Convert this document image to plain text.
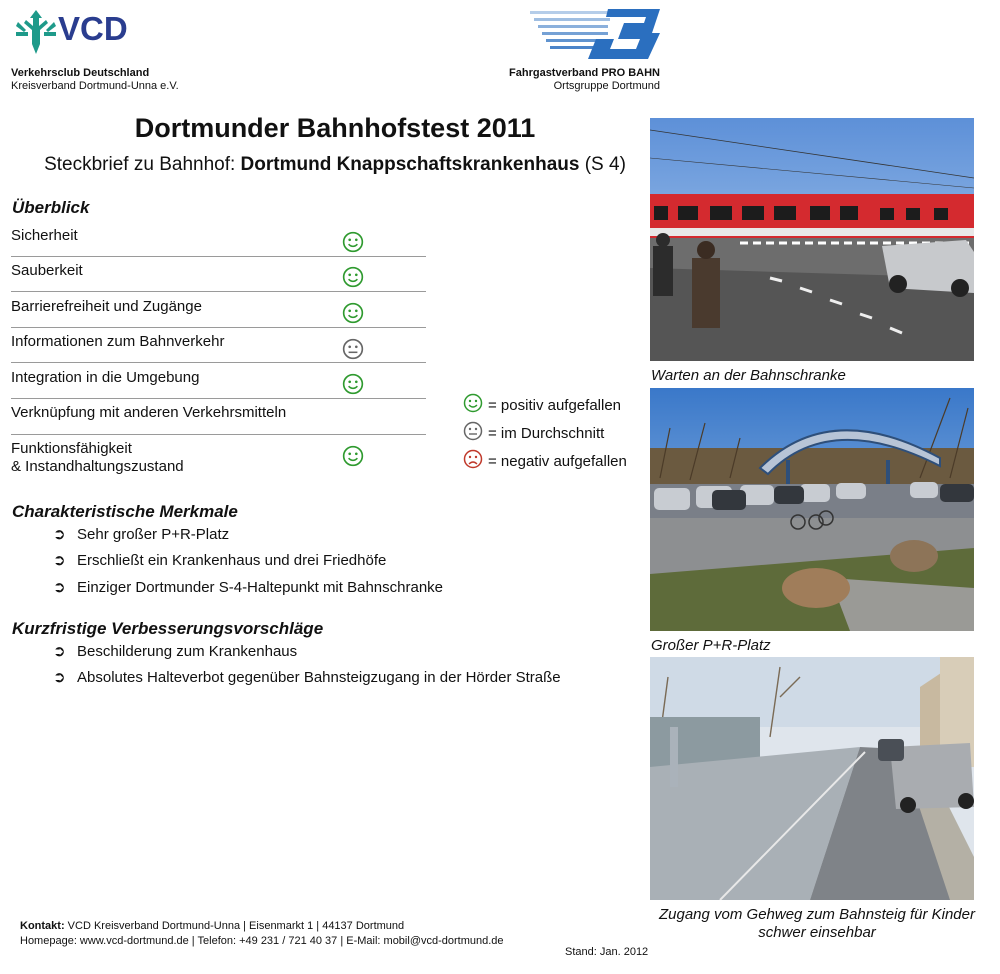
VCD
Verkehrsclub Deutschland
Kreisverband Dortmund-Unna e.V.
Fahrgastverband PRO BAHN
Ortsgruppe Dortmund
Dortmunder Bahnhofstest 2011
Steckbrief zu Bahnhof: Dortmund Knappschaftskrankenhaus (S 4)
Überblick
Sicherheit
Sauberkeit
Barrierefreiheit und Zugänge
Informationen zum Bahnverkehr
Integration in die Umgebung
Verknüpfung mit anderen Verkehrsmitteln
Funktionsfähigkeit
& Instandhaltungszustand
= positiv aufgefallen
= im Durchschnitt
= negativ aufgefallen
Charakteristische Merkmale
➲ Sehr großer P+R-Platz
➲ Erschließt ein Krankenhaus und drei Friedhöfe
➲ Einziger Dortmunder S-4-Haltepunkt mit Bahnschranke
Kurzfristige Verbesserungsvorschläge
➲ Beschilderung zum Krankenhaus
➲ Absolutes Halteverbot gegenüber Bahnsteigzugang in der Hörder Straße
Warten an der Bahnschranke
Großer P+R-Platz
Zugang vom Gehweg zum Bahnsteig für Kinder
schwer einsehbar
Kontakt: VCD Kreisverband Dortmund-Unna | Eisenmarkt 1 | 44137 Dortmund
Homepage: www.vcd-dortmund.de | Telefon: +49 231 / 721 40 37 | E-Mail: mobil@vcd-dortmund.de
Stand: Jan. 2012
